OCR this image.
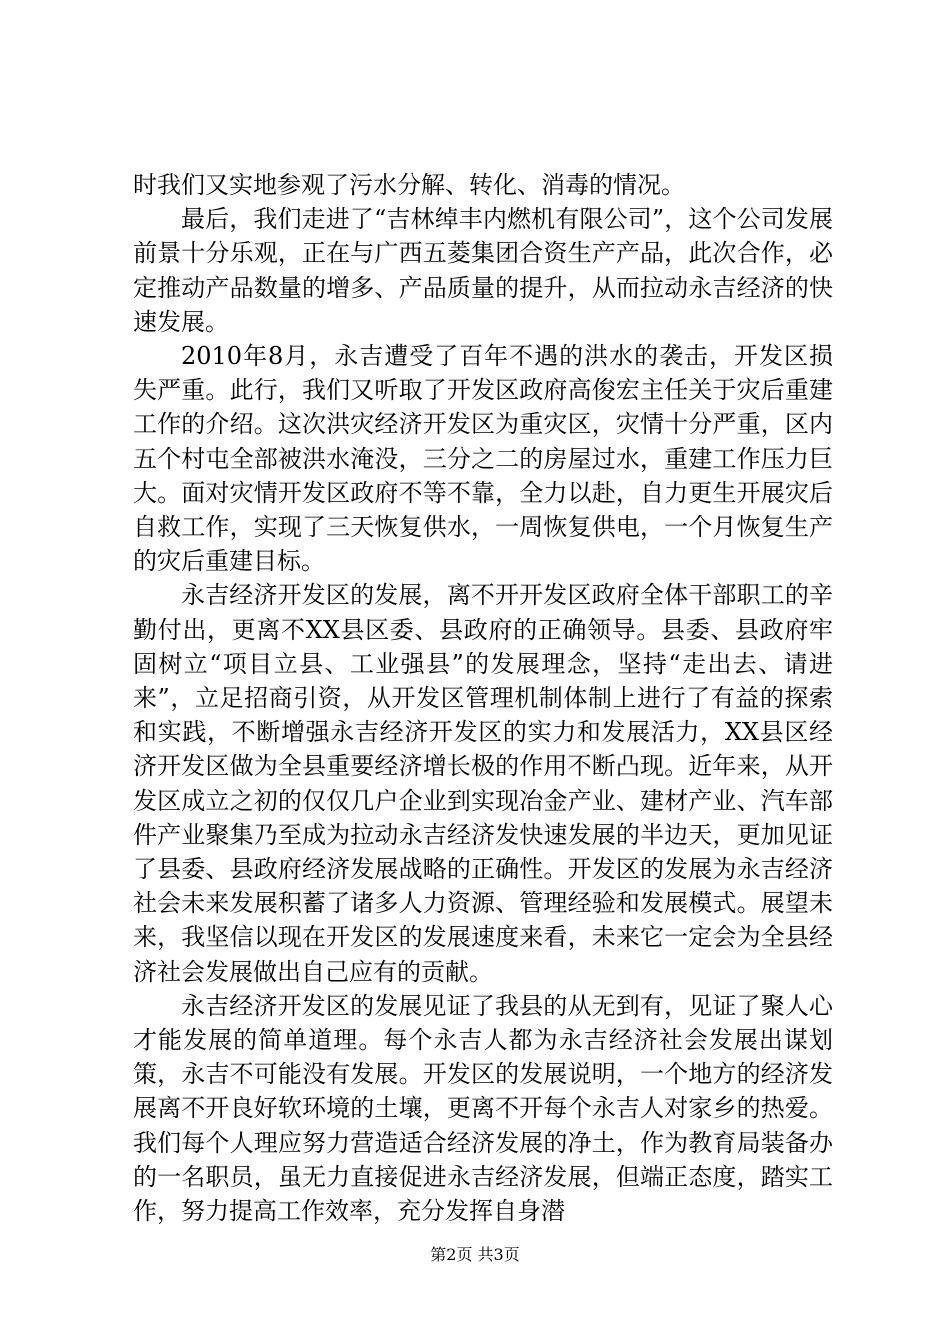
时我们又实地参观了污水分解、转化、消毒的情况。

最后，我们走进了“吉林绰丰内燃机有限公司”，这个公司发展前景十分乐观，正在与广西五菱集团合资生产产品，此次合作，必定推动产品数量的增多、产品质量的提升，从而拉动永吉经济的快速发展。

2010年8月，永吉遭受了百年不遇的洪水的袭击，开发区损失严重。此行，我们又听取了开发区政府高俊宏主任关于灾后重建工作的介绍。这次洪灾经济开发区为重灾区，灾情十分严重，区内五个村屯全部被洪水淹没，三分之二的房屋过水，重建工作压力巨大。面对灾情开发区政府不等不靠，全力以赴，自力更生开展灾后自救工作，实现了三天恢复供水，一周恢复供电，一个月恢复生产的灾后重建目标。

永吉经济开发区的发展，离不开开发区政府全体干部职工的辛勤付出，更离不XX县区委、县政府的正确领导。县委、县政府牢固树立“项目立县、工业强县”的发展理念，坚持“走出去、请进来”，立足招商引资，从开发区管理机制体制上进行了有益的探索和实践，不断增强永吉经济开发区的实力和发展活力，XX县区经济开发区做为全县重要经济增长极的作用不断凸现。近年来，从开发区成立之初的仅仅几户企业到实现冶金产业、建材产业、汽车部件产业聚集乃至成为拉动永吉经济发快速发展的半边天，更加见证了县委、县政府经济发展战略的正确性。开发区的发展为永吉经济社会未来发展积蓄了诸多人力资源、管理经验和发展模式。展望未来，我坚信以现在开发区的发展速度来看，未来它一定会为全县经济社会发展做出自己应有的贡献。

永吉经济开发区的发展见证了我县的从无到有，见证了聚人心才能发展的简单道理。每个永吉人都为永吉经济社会发展出谋划策，永吉不可能没有发展。开发区的发展说明，一个地方的经济发展离不开良好软环境的土壤，更离不开每个永吉人对家乡的热爱。我们每个人理应努力营造适合经济发展的净土，作为教育局装备办的一名职员，虽无力直接促进永吉经济发展，但端正态度，踏实工作，努力提高工作效率，充分发挥自身潜

第2页 共3页
